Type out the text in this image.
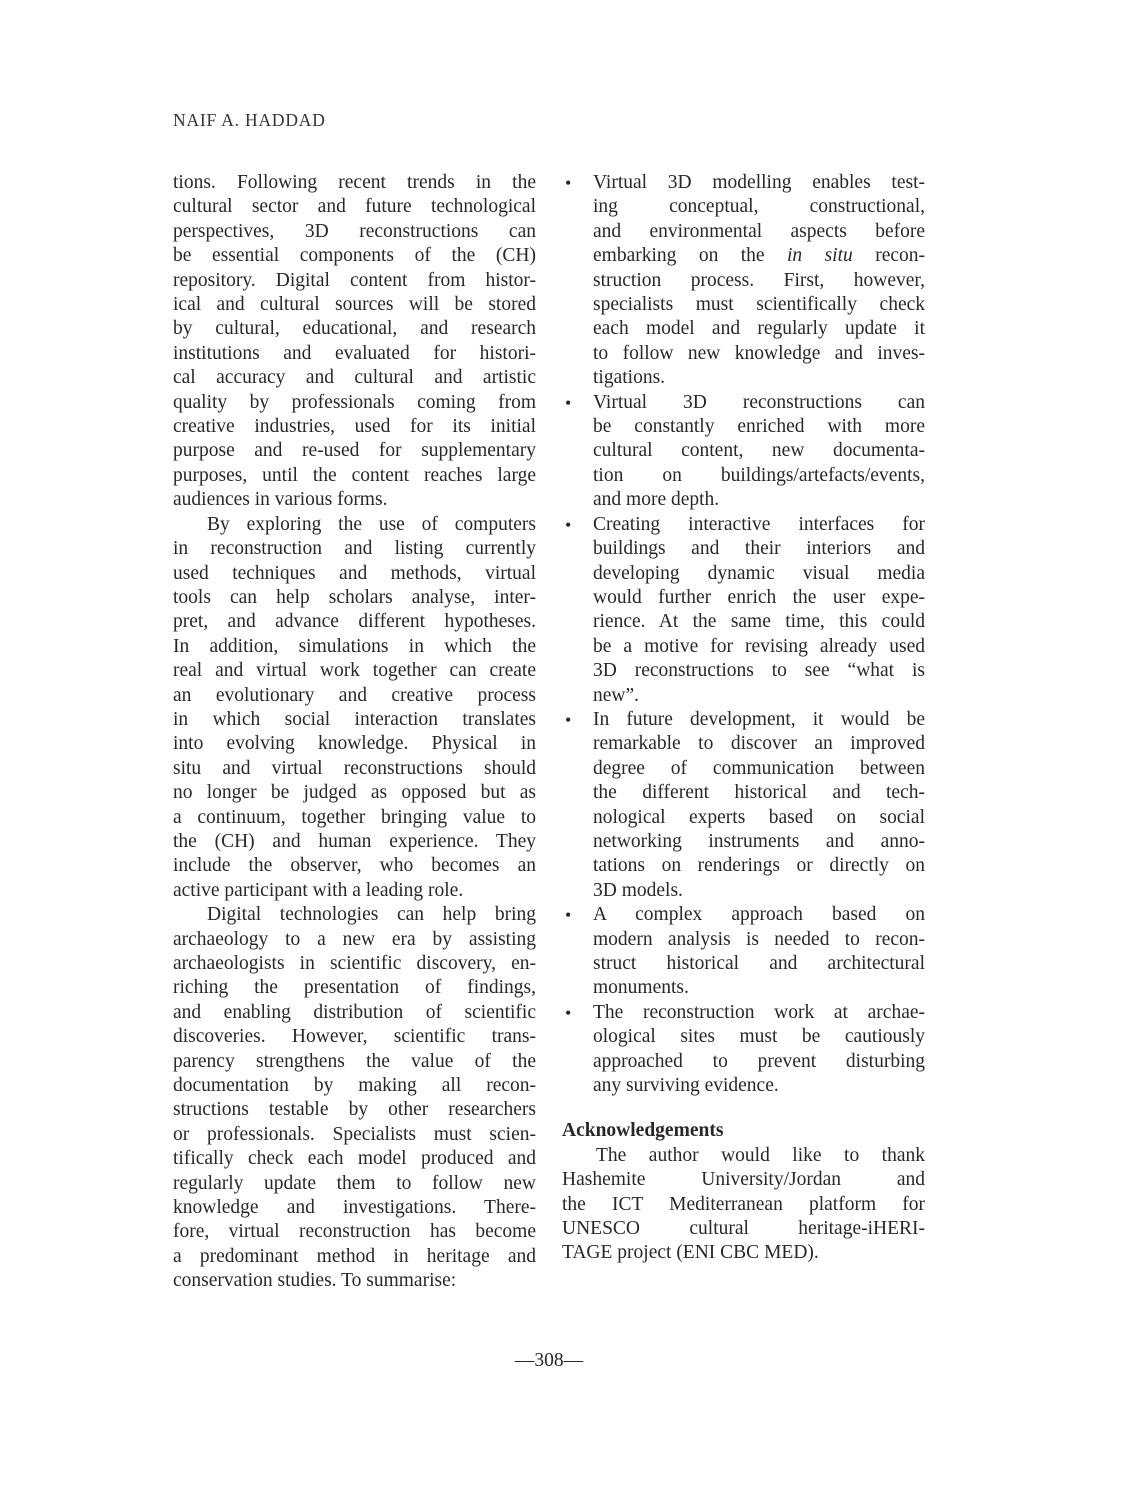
NAIF A. HADDAD
tions. Following recent trends in the
cultural sector and future technological
perspectives, 3D reconstructions can
be essential components of the (CH)
repository. Digital content from histor-
ical and cultural sources will be stored
by cultural, educational, and research
institutions and evaluated for histori-
cal accuracy and cultural and artistic
quality by professionals coming from
creative industries, used for its initial
purpose and re-used for supplementary
purposes, until the content reaches large
audiences in various forms.
By exploring the use of computers
in reconstruction and listing currently
used techniques and methods, virtual
tools can help scholars analyse, inter-
pret, and advance different hypotheses.
In addition, simulations in which the
real and virtual work together can create
an evolutionary and creative process
in which social interaction translates
into evolving knowledge. Physical in
situ and virtual reconstructions should
no longer be judged as opposed but as
a continuum, together bringing value to
the (CH) and human experience. They
include the observer, who becomes an
active participant with a leading role.
Digital technologies can help bring
archaeology to a new era by assisting
archaeologists in scientific discovery, en-
riching the presentation of findings,
and enabling distribution of scientific
discoveries. However, scientific trans-
parency strengthens the value of the
documentation by making all recon-
structions testable by other researchers
or professionals. Specialists must scien-
tifically check each model produced and
regularly update them to follow new
knowledge and investigations. There-
fore, virtual reconstruction has become
a predominant method in heritage and
conservation studies. To summarise:
• Virtual 3D modelling enables test-
ing conceptual, constructional,
and environmental aspects before
embarking on the in situ recon-
struction process. First, however,
specialists must scientifically check
each model and regularly update it
to follow new knowledge and inves-
tigations.
• Virtual 3D reconstructions can
be constantly enriched with more
cultural content, new documenta-
tion on buildings/artefacts/events,
and more depth.
• Creating interactive interfaces for
buildings and their interiors and
developing dynamic visual media
would further enrich the user expe-
rience. At the same time, this could
be a motive for revising already used
3D reconstructions to see “what is
new”.
• In future development, it would be
remarkable to discover an improved
degree of communication between
the different historical and tech-
nological experts based on social
networking instruments and anno-
tations on renderings or directly on
3D models.
• A complex approach based on
modern analysis is needed to recon-
struct historical and architectural
monuments.
• The reconstruction work at archae-
ological sites must be cautiously
approached to prevent disturbing
any surviving evidence.
Acknowledgements
The author would like to thank
Hashemite University/Jordan and
the ICT Mediterranean platform for
UNESCO cultural heritage-iHERI-
TAGE project (ENI CBC MED).
—308—
